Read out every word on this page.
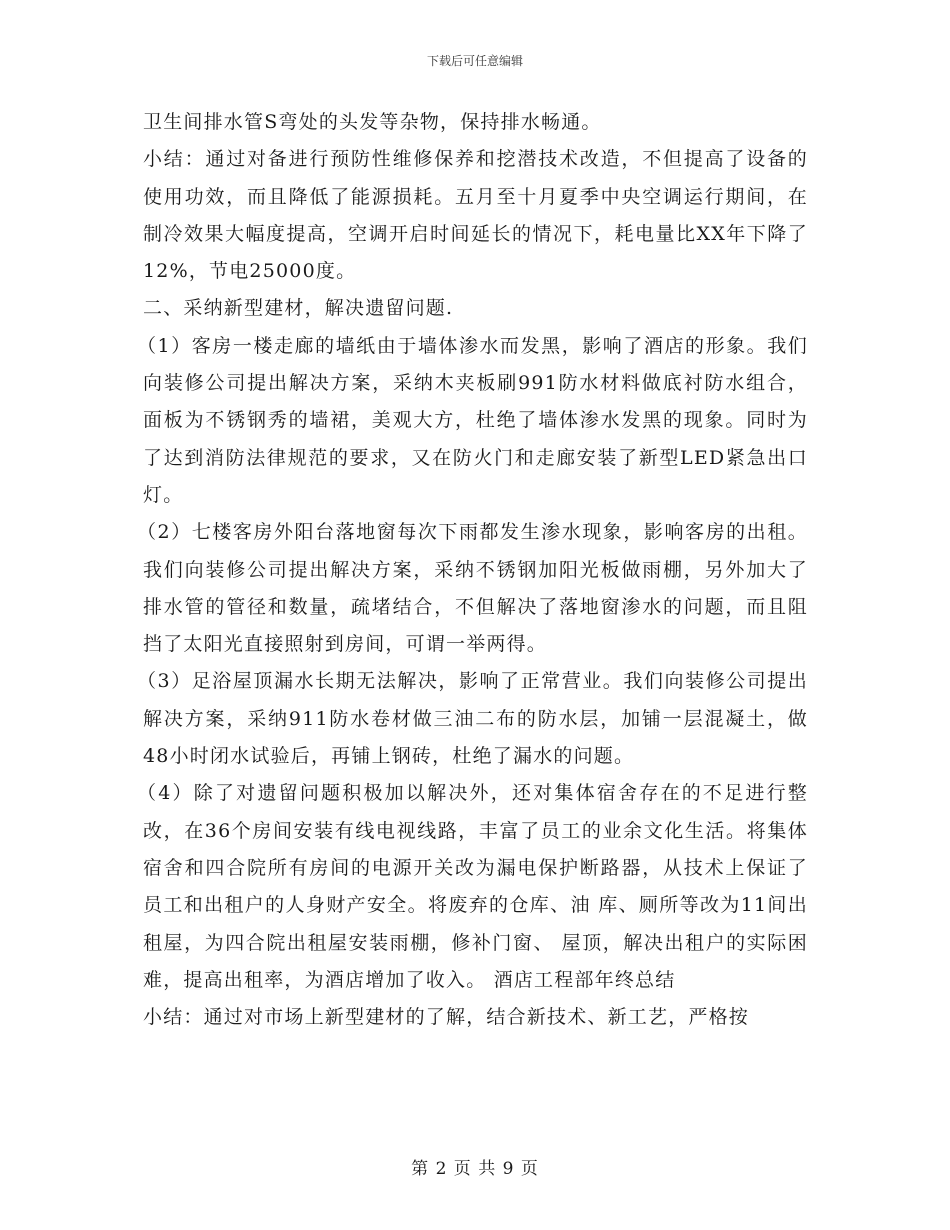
下载后可任意编辑

卫生间排水管S弯处的头发等杂物，保持排水畅通。

小结：通过对备进行预防性维修保养和挖潜技术改造，不但提高了设备的使用功效，而且降低了能源损耗。五月至十月夏季中央空调运行期间，在制冷效果大幅度提高，空调开启时间延长的情况下，耗电量比XX年下降了12%，节电25000度。

二、采纳新型建材，解决遗留问题.

（1）客房一楼走廊的墙纸由于墙体渗水而发黑，影响了酒店的形象。我们向装修公司提出解决方案，采纳木夹板刷991防水材料做底衬防水组合，面板为不锈钢秀的墙裙，美观大方，杜绝了墙体渗水发黑的现象。同时为了达到消防法律规范的要求，又在防火门和走廊安装了新型LED紧急出口灯。

（2）七楼客房外阳台落地窗每次下雨都发生渗水现象，影响客房的出租。我们向装修公司提出解决方案，采纳不锈钢加阳光板做雨棚，另外加大了排水管的管径和数量，疏堵结合，不但解决了落地窗渗水的问题，而且阻挡了太阳光直接照射到房间，可谓一举两得。

（3）足浴屋顶漏水长期无法解决，影响了正常营业。我们向装修公司提出解决方案，采纳911防水卷材做三油二布的防水层，加铺一层混凝土，做48小时闭水试验后，再铺上钢砖，杜绝了漏水的问题。

（4）除了对遗留问题积极加以解决外，还对集体宿舍存在的不足进行整改，在36个房间安装有线电视线路，丰富了员工的业余文化生活。将集体宿舍和四合院所有房间的电源开关改为漏电保护断路器，从技术上保证了员工和出租户的人身财产安全。将废弃的仓库、油 库、厕所等改为11间出租屋，为四合院出租屋安装雨棚，修补门窗、 屋顶，解决出租户的实际困难，提高出租率，为酒店增加了收入。 酒店工程部年终总结

小结：通过对市场上新型建材的了解，结合新技术、新工艺，严格按

第 2 页 共 9 页
